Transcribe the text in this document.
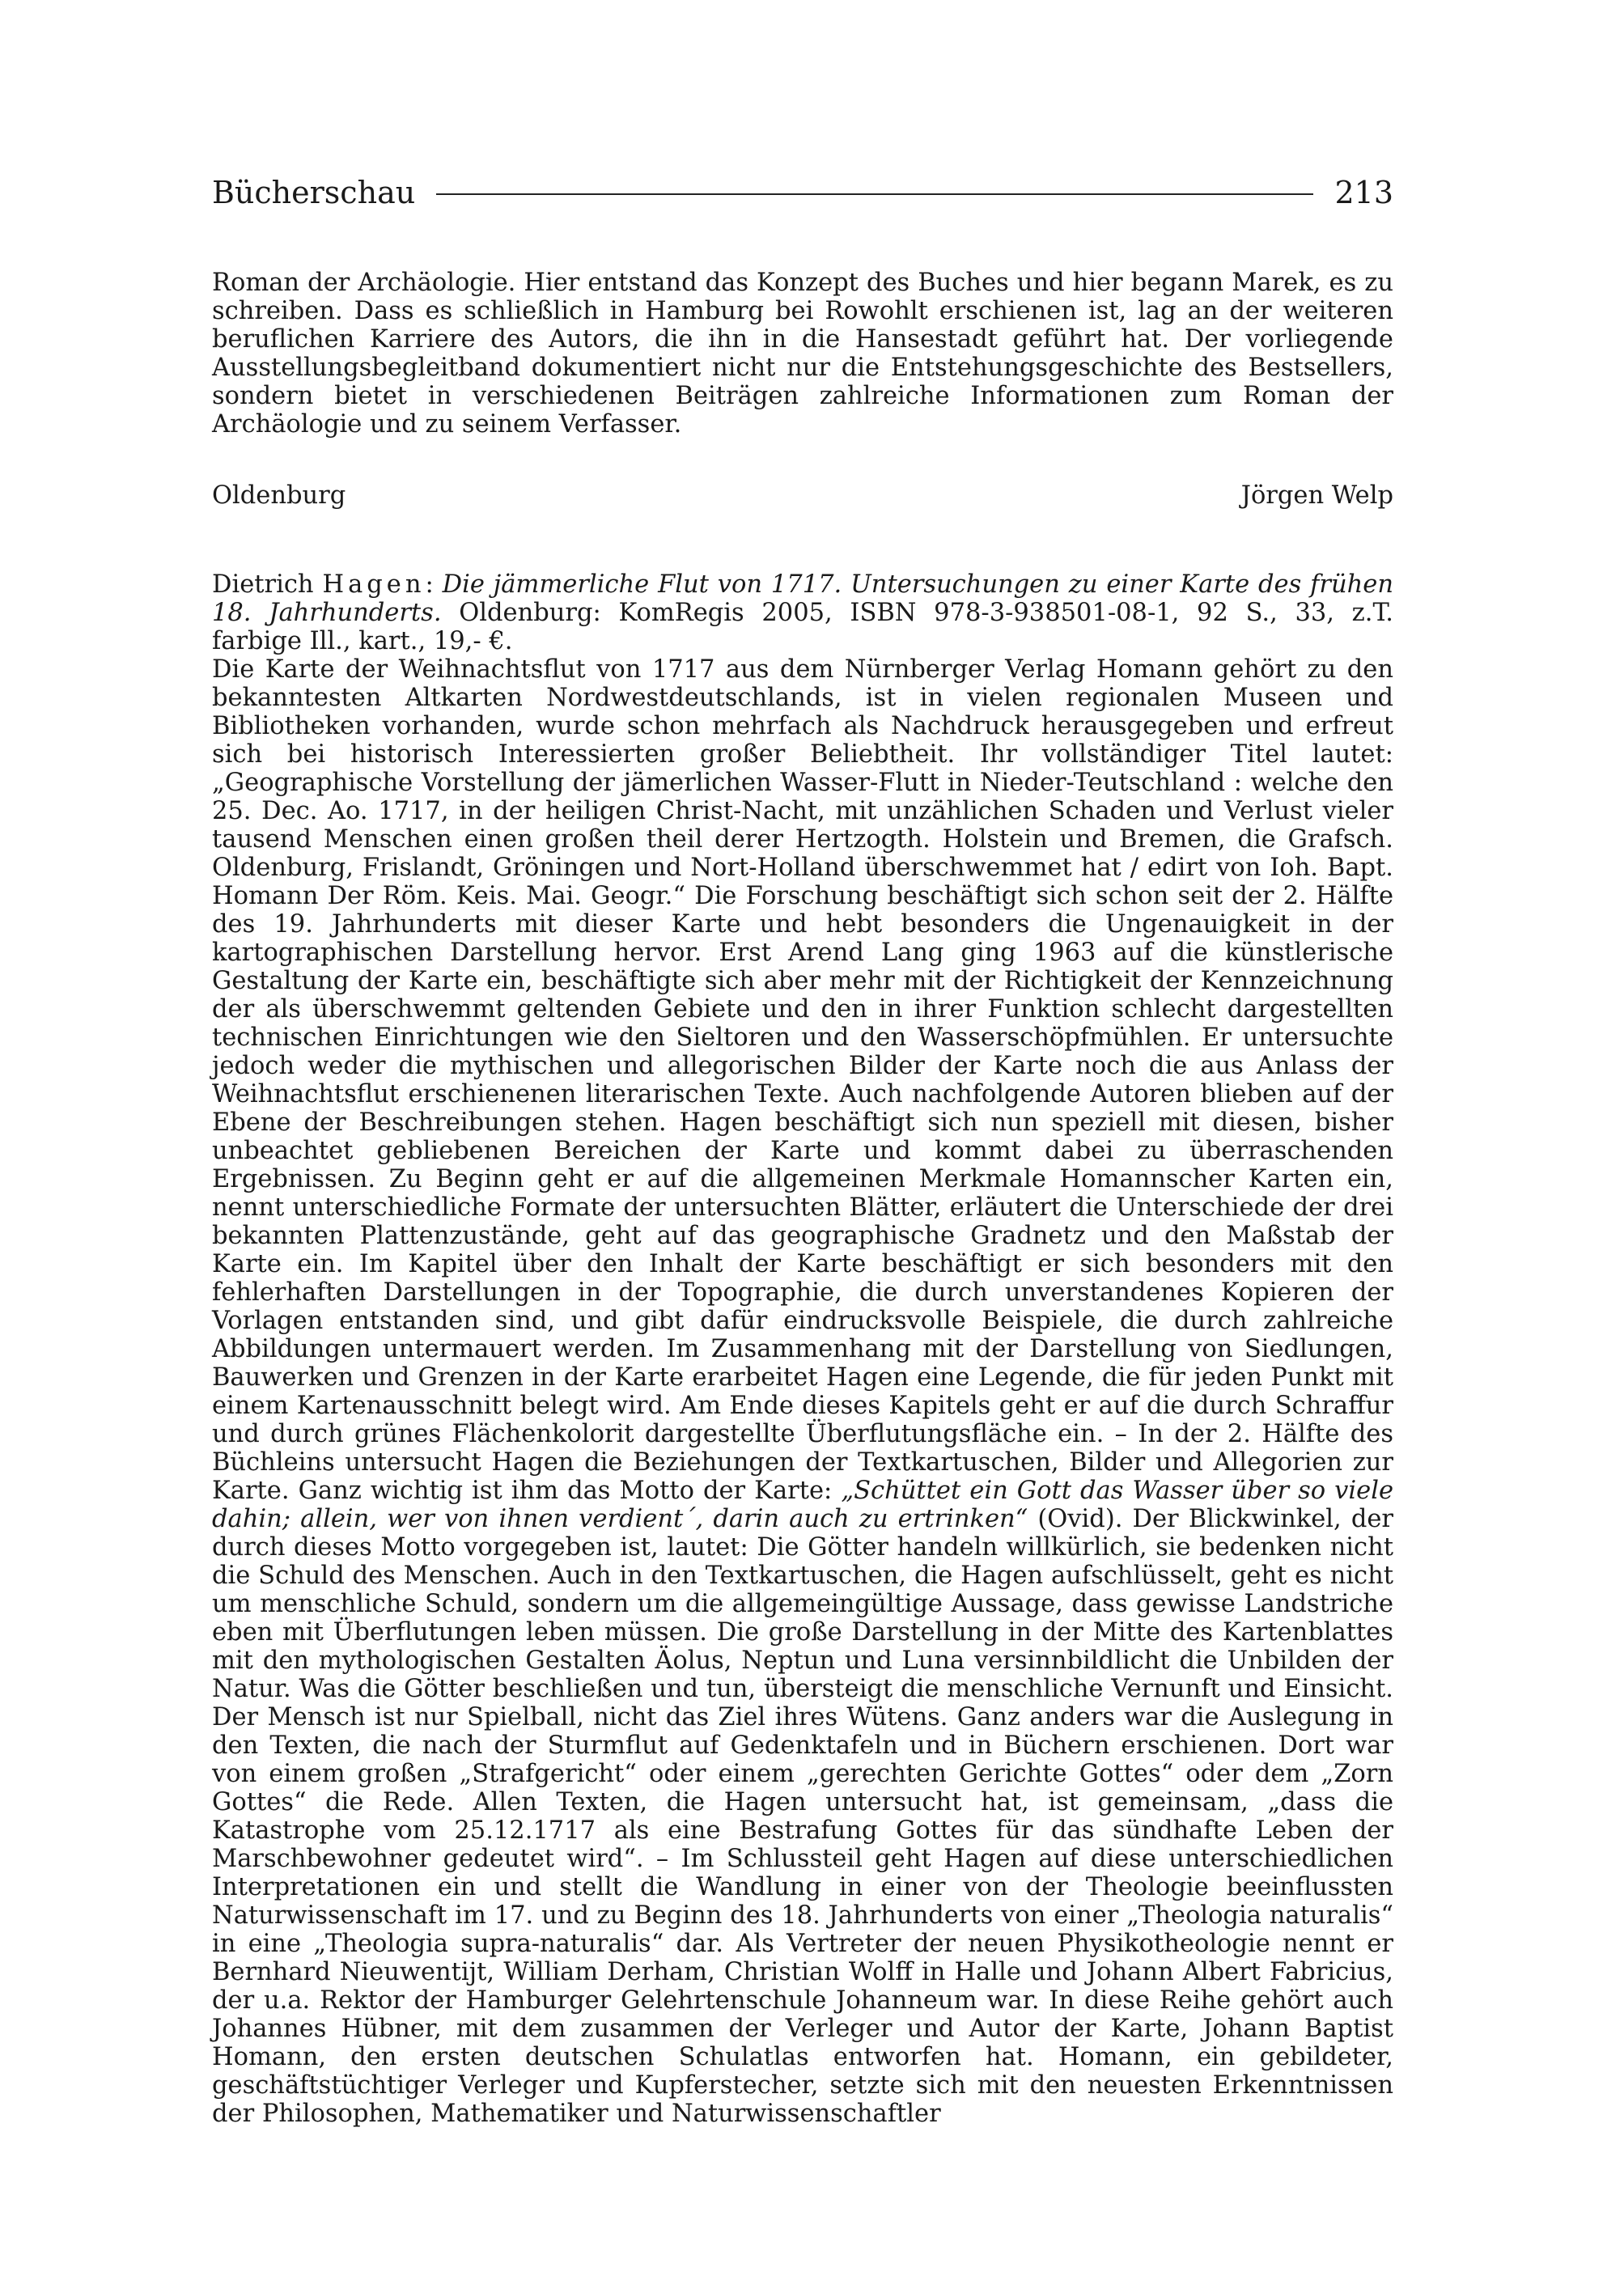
Bücherschau	213

Roman der Archäologie. Hier entstand das Konzept des Buches und hier begann Marek, es zu schreiben. Dass es schließlich in Hamburg bei Rowohlt erschienen ist, lag an der weiteren beruflichen Karriere des Autors, die ihn in die Hansestadt geführt hat. Der vorliegende Ausstellungsbegleitband dokumentiert nicht nur die Entstehungsgeschichte des Bestsellers, sondern bietet in verschiedenen Beiträgen zahlreiche Informationen zum Roman der Archäologie und zu seinem Verfasser.

Oldenburg	Jörgen Welp

Dietrich Hagen: Die jämmerliche Flut von 1717. Untersuchungen zu einer Karte des frühen 18. Jahrhunderts. Oldenburg: KomRegis 2005, ISBN 978-3-938501-08-1, 92 S., 33, z.T. farbige Ill., kart., 19,- €.

Die Karte der Weihnachtsflut von 1717 aus dem Nürnberger Verlag Homann gehört zu den bekanntesten Altkarten Nordwestdeutschlands, ist in vielen regionalen Museen und Bibliotheken vorhanden, wurde schon mehrfach als Nachdruck herausgegeben und erfreut sich bei historisch Interessierten großer Beliebtheit. Ihr vollständiger Titel lautet: „Geographische Vorstellung der jämerlichen Wasser-Flutt in Nieder-Teutschland : welche den 25. Dec. Ao. 1717, in der heiligen Christ-Nacht, mit unzählichen Schaden und Verlust vieler tausend Menschen einen großen theil derer Hertzogth. Holstein und Bremen, die Grafsch. Oldenburg, Frislandt, Gröningen und Nort-Holland überschwemmet hat / edirt von Ioh. Bapt. Homann Der Röm. Keis. Mai. Geogr.“ Die Forschung beschäftigt sich schon seit der 2. Hälfte des 19. Jahrhunderts mit dieser Karte und hebt besonders die Ungenauigkeit in der kartographischen Darstellung hervor. Erst Arend Lang ging 1963 auf die künstlerische Gestaltung der Karte ein, beschäftigte sich aber mehr mit der Richtigkeit der Kennzeichnung der als überschwemmt geltenden Gebiete und den in ihrer Funktion schlecht dargestellten technischen Einrichtungen wie den Sieltoren und den Wasserschöpfmühlen. Er untersuchte jedoch weder die mythischen und allegorischen Bilder der Karte noch die aus Anlass der Weihnachtsflut erschienenen literarischen Texte. Auch nachfolgende Autoren blieben auf der Ebene der Beschreibungen stehen. Hagen beschäftigt sich nun speziell mit diesen, bisher unbeachtet gebliebenen Bereichen der Karte und kommt dabei zu überraschenden Ergebnissen. Zu Beginn geht er auf die allgemeinen Merkmale Homannscher Karten ein, nennt unterschiedliche Formate der untersuchten Blätter, erläutert die Unterschiede der drei bekannten Plattenzustände, geht auf das geographische Gradnetz und den Maßstab der Karte ein. Im Kapitel über den Inhalt der Karte beschäftigt er sich besonders mit den fehlerhaften Darstellungen in der Topographie, die durch unverstandenes Kopieren der Vorlagen entstanden sind, und gibt dafür eindrucksvolle Beispiele, die durch zahlreiche Abbildungen untermauert werden. Im Zusammenhang mit der Darstellung von Siedlungen, Bauwerken und Grenzen in der Karte erarbeitet Hagen eine Legende, die für jeden Punkt mit einem Kartenausschnitt belegt wird. Am Ende dieses Kapitels geht er auf die durch Schraffur und durch grünes Flächenkolorit dargestellte Überflutungsfläche ein. – In der 2. Hälfte des Büchleins untersucht Hagen die Beziehungen der Textkartuschen, Bilder und Allegorien zur Karte. Ganz wichtig ist ihm das Motto der Karte: „Schüttet ein Gott das Wasser über so viele dahin; allein, wer von ihnen verdient´, darin auch zu ertrinken“ (Ovid). Der Blickwinkel, der durch dieses Motto vorgegeben ist, lautet: Die Götter handeln willkürlich, sie bedenken nicht die Schuld des Menschen. Auch in den Textkartuschen, die Hagen aufschlüsselt, geht es nicht um menschliche Schuld, sondern um die allgemeingültige Aussage, dass gewisse Landstriche eben mit Überflutungen leben müssen. Die große Darstellung in der Mitte des Kartenblattes mit den mythologischen Gestalten Äolus, Neptun und Luna versinnbildlicht die Unbilden der Natur. Was die Götter beschließen und tun, übersteigt die menschliche Vernunft und Einsicht. Der Mensch ist nur Spielball, nicht das Ziel ihres Wütens. Ganz anders war die Auslegung in den Texten, die nach der Sturmflut auf Gedenktafeln und in Büchern erschienen. Dort war von einem großen „Strafgericht“ oder einem „gerechten Gerichte Gottes“ oder dem „Zorn Gottes“ die Rede. Allen Texten, die Hagen untersucht hat, ist gemeinsam, „dass die Katastrophe vom 25.12.1717 als eine Bestrafung Gottes für das sündhafte Leben der Marschbewohner gedeutet wird“. – Im Schlussteil geht Hagen auf diese unterschiedlichen Interpretationen ein und stellt die Wandlung in einer von der Theologie beeinflussten Naturwissenschaft im 17. und zu Beginn des 18. Jahrhunderts von einer „Theologia naturalis“ in eine „Theologia supra-naturalis“ dar. Als Vertreter der neuen Physikotheologie nennt er Bernhard Nieuwentijt, William Derham, Christian Wolff in Halle und Johann Albert Fabricius, der u.a. Rektor der Hamburger Gelehrtenschule Johanneum war. In diese Reihe gehört auch Johannes Hübner, mit dem zusammen der Verleger und Autor der Karte, Johann Baptist Homann, den ersten deutschen Schulatlas entworfen hat. Homann, ein gebildeter, geschäftstüchtiger Verleger und Kupferstecher, setzte sich mit den neuesten Erkenntnissen der Philosophen, Mathematiker und Naturwissenschaftler
